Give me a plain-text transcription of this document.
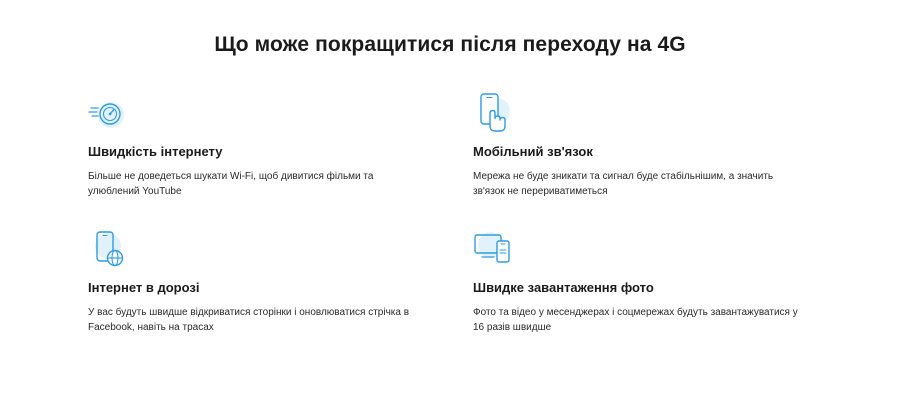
Що може покращитися після переходу на 4G
Швидкість інтернету
Більше не доведеться шукати Wi-Fi, щоб дивитися фільми та улюблений YouTube
Мобільний зв'язок
Мережа не буде зникати та сигнал буде стабільнішим, а значить зв'язок не перериватиметься
Інтернет в дорозі
У вас будуть швидше відкриватися сторінки і оновлюватися стрічка в Facebook, навіть на трасах
Швидке завантаження фото
Фото та відео у месенджерах і соцмережах будуть завантажуватися у 16 разів швидше
